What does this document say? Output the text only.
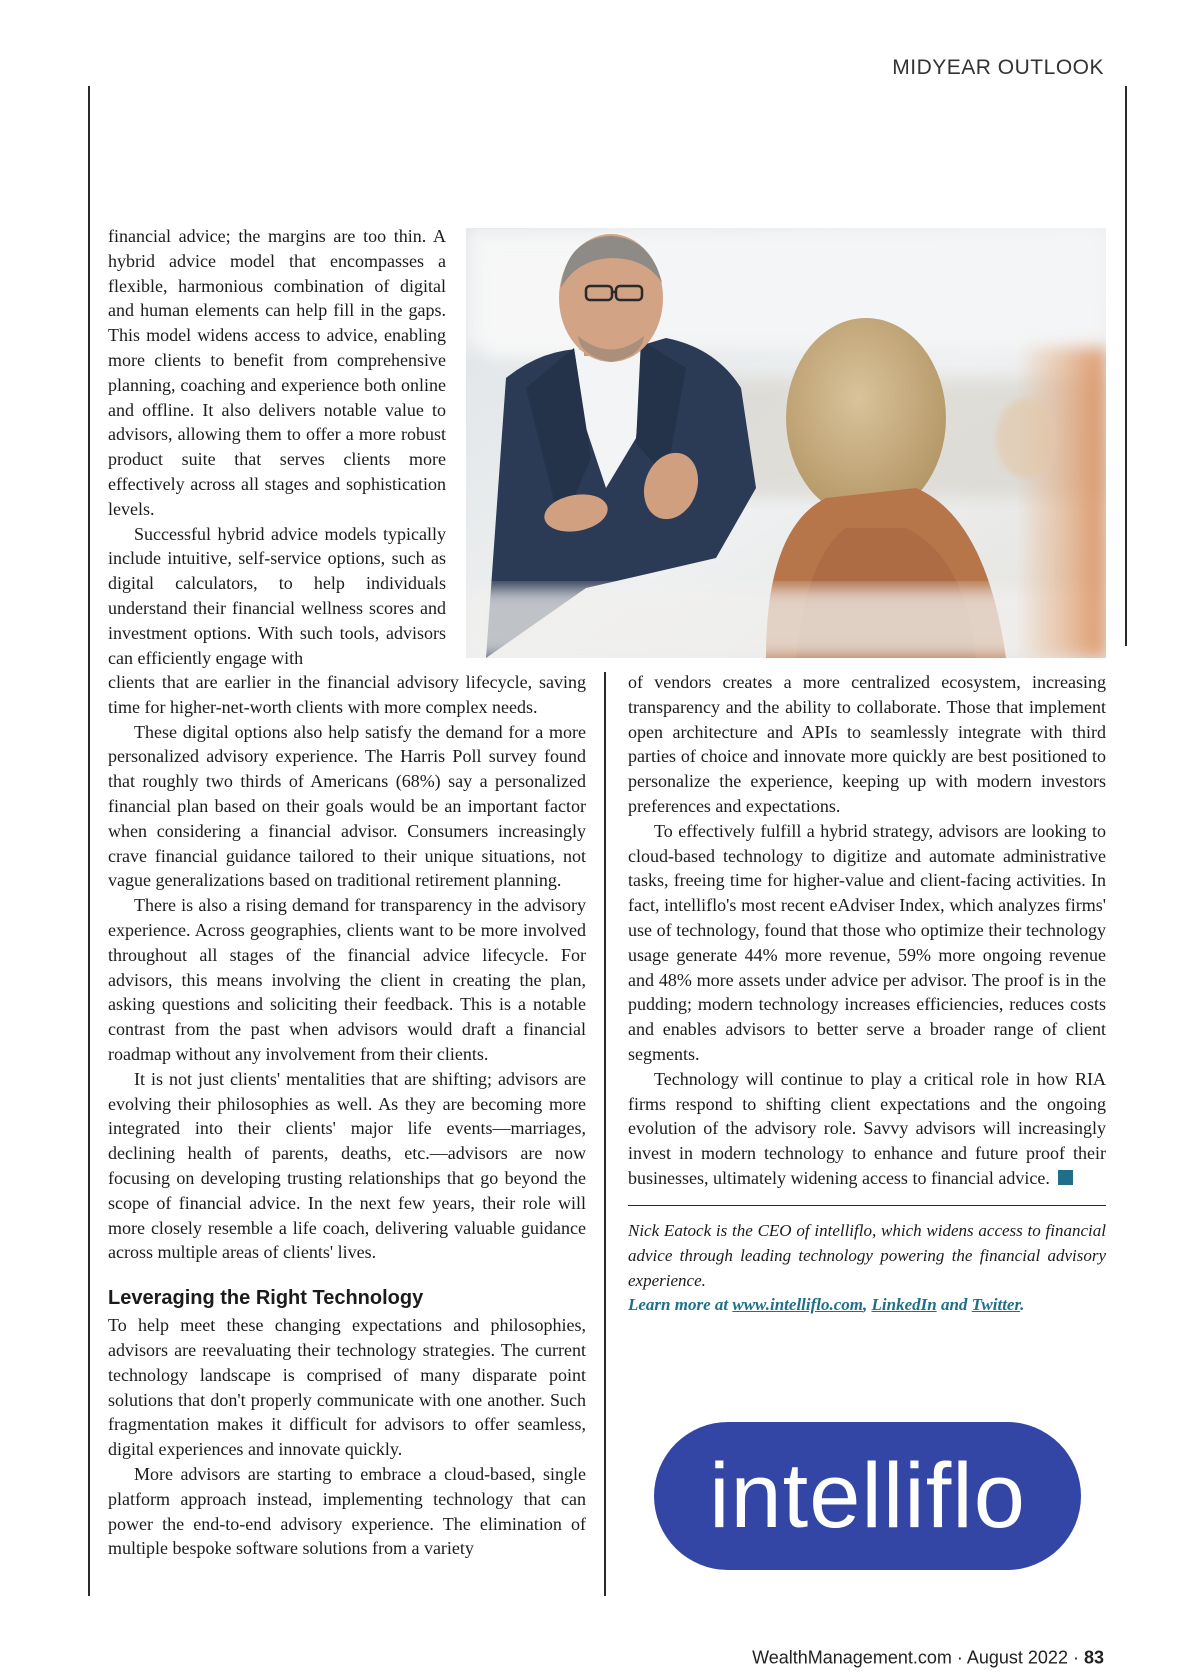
MIDYEAR OUTLOOK

financial advice; the margins are too thin. A hybrid advice model that encompasses a flexible, harmonious combination of digital and human elements can help fill in the gaps. This model widens access to advice, enabling more clients to benefit from comprehensive planning, coaching and experience both online and offline. It also delivers notable value to advisors, allowing them to offer a more robust product suite that serves clients more effectively across all stages and sophistication levels.

Successful hybrid advice models typically include intuitive, self-service options, such as digital calculators, to help individuals understand their financial wellness scores and investment options. With such tools, advisors can efficiently engage with

clients that are earlier in the financial advisory lifecycle, saving time for higher-net-worth clients with more complex needs.

These digital options also help satisfy the demand for a more personalized advisory experience. The Harris Poll survey found that roughly two thirds of Americans (68%) say a personalized financial plan based on their goals would be an important factor when considering a financial advisor. Consumers increasingly crave financial guidance tailored to their unique situations, not vague generalizations based on traditional retirement planning.

There is also a rising demand for transparency in the advisory experience. Across geographies, clients want to be more involved throughout all stages of the financial advice lifecycle. For advisors, this means involving the client in creating the plan, asking questions and soliciting their feedback. This is a notable contrast from the past when advisors would draft a financial roadmap without any involvement from their clients.

It is not just clients' mentalities that are shifting; advisors are evolving their philosophies as well. As they are becoming more integrated into their clients' major life events—marriages, declining health of parents, deaths, etc.—advisors are now focusing on developing trusting relationships that go beyond the scope of financial advice. In the next few years, their role will more closely resemble a life coach, delivering valuable guidance across multiple areas of clients' lives.

Leveraging the Right Technology

To help meet these changing expectations and philosophies, advisors are reevaluating their technology strategies. The current technology landscape is comprised of many disparate point solutions that don't properly communicate with one another. Such fragmentation makes it difficult for advisors to offer seamless, digital experiences and innovate quickly.

More advisors are starting to embrace a cloud-based, single platform approach instead, implementing technology that can power the end-to-end advisory experience. The elimination of multiple bespoke software solutions from a variety

of vendors creates a more centralized ecosystem, increasing transparency and the ability to collaborate. Those that implement open architecture and APIs to seamlessly integrate with third parties of choice and innovate more quickly are best positioned to personalize the experience, keeping up with modern investors preferences and expectations.

To effectively fulfill a hybrid strategy, advisors are looking to cloud-based technology to digitize and automate administrative tasks, freeing time for higher-value and client-facing activities. In fact, intelliflo's most recent eAdviser Index, which analyzes firms' use of technology, found that those who optimize their technology usage generate 44% more revenue, 59% more ongoing revenue and 48% more assets under advice per advisor. The proof is in the pudding; modern technology increases efficiencies, reduces costs and enables advisors to better serve a broader range of client segments.

Technology will continue to play a critical role in how RIA firms respond to shifting client expectations and the ongoing evolution of the advisory role. Savvy advisors will increasingly invest in modern technology to enhance and future proof their businesses, ultimately widening access to financial advice.

Nick Eatock is the CEO of intelliflo, which widens access to financial advice through leading technology powering the financial advisory experience.

Learn more at www.intelliflo.com, LinkedIn and Twitter.

intelliflo
WealthManagement.com · August 2022 · 83
